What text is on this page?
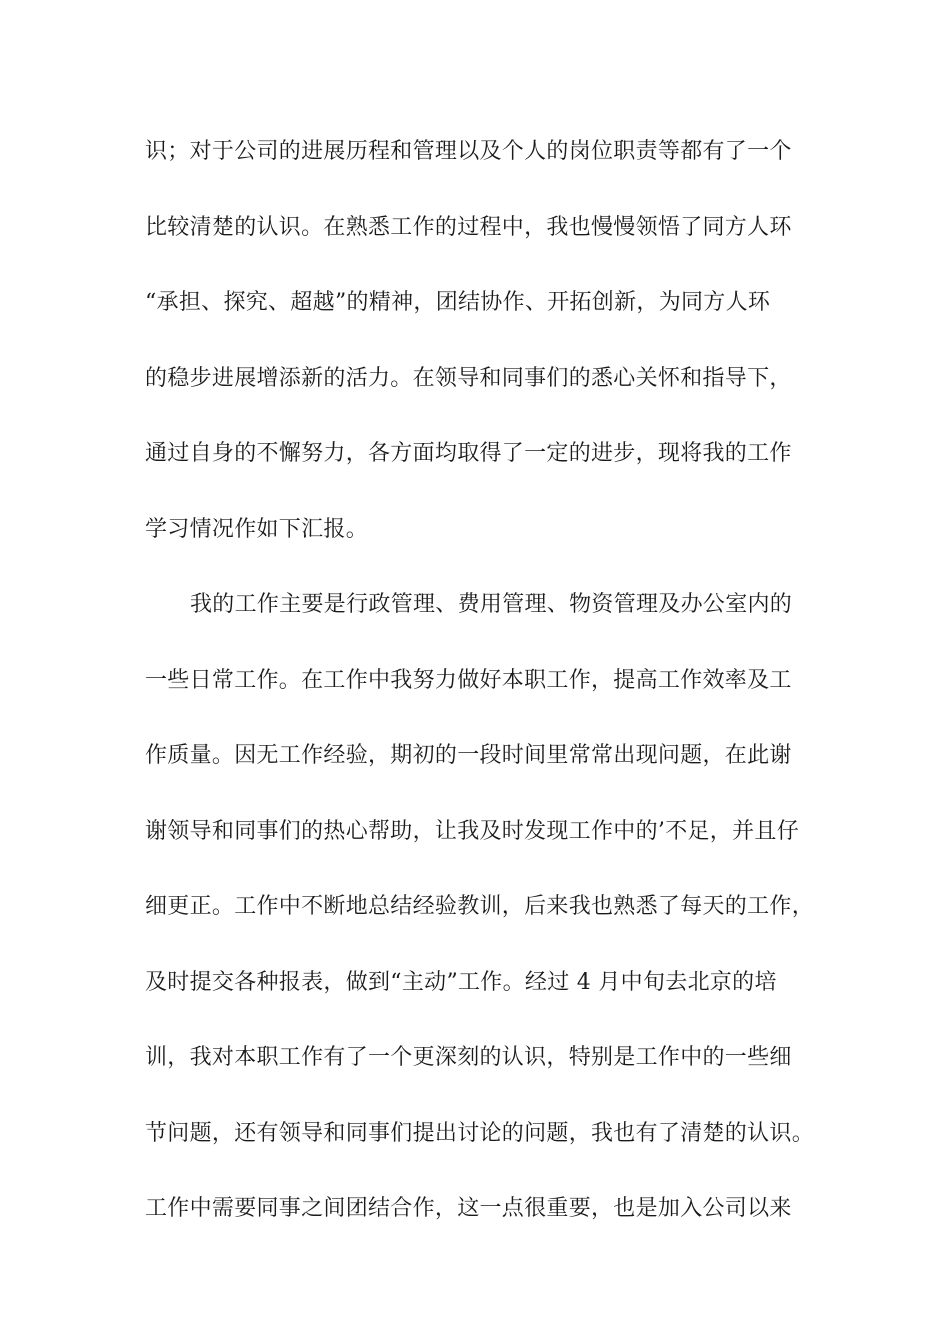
识；对于公司的进展历程和管理以及个人的岗位职责等都有了一个
比较清楚的认识。在熟悉工作的过程中，我也慢慢领悟了同方人环
“承担、探究、超越”的精神，团结协作、开拓创新，为同方人环
的稳步进展增添新的活力。在领导和同事们的悉心关怀和指导下，
通过自身的不懈努力，各方面均取得了一定的进步，现将我的工作
学习情况作如下汇报。
我的工作主要是行政管理、费用管理、物资管理及办公室内的
一些日常工作。在工作中我努力做好本职工作，提高工作效率及工
作质量。因无工作经验，期初的一段时间里常常出现问题，在此谢
谢领导和同事们的热心帮助，让我及时发现工作中的’不足，并且仔
细更正。工作中不断地总结经验教训，后来我也熟悉了每天的工作，
及时提交各种报表，做到“主动”工作。经过 4 月中旬去北京的培
训，我对本职工作有了一个更深刻的认识，特别是工作中的一些细
节问题，还有领导和同事们提出讨论的问题，我也有了清楚的认识。
工作中需要同事之间团结合作，这一点很重要，也是加入公司以来
